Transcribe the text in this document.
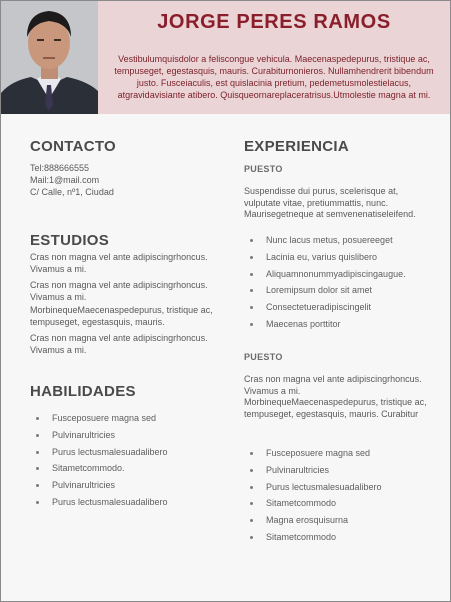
JORGE PERES RAMOS

Vestibulumquisdolor a feliscongue vehicula. Maecenaspedepurus, tristique ac, tempuseget, egestasquis, mauris. Curabiturnonieros. Nullamhendrerit bibendum justo. Fusceiaculis, est quislacinia pretium, pedemetusmolestielacus, atgravidavisiante atibero. Quisqueornareplaceratrisus.Utmolestie magna at mi.

CONTACTO
Tel:888666555
Mail:1@mail.com
C/ Calle, nº1, Ciudad
ESTUDIOS

Cras non magna vel ante adipiscingrhoncus. Vivamus a mi.

Cras non magna vel ante adipiscingrhoncus. Vivamus a mi.

MorbinequeMaecenaspedepurus, tristique ac, tempuseget, egestasquis, mauris.

Cras non magna vel ante adipiscingrhoncus. Vivamus a mi.

HABILIDADES
Fusceposuere magna sed
Pulvinarultricies
Purus lectusmalesuadalibero
Sitametcommodo.
Pulvinarultricies
Purus lectusmalesuadalibero
EXPERIENCIA
PUESTO

Suspendisse dui purus, scelerisque at, vulputate vitae, pretiummattis, nunc. Maurisegetneque at semvenenatiseleifend.

Nunc lacus metus, posuereeget
Lacinia eu, varius quislibero
Aliquamnonummyadipiscingaugue.
Loremipsum dolor sit amet
Consectetueradipiscingelit
Maecenas porttitor
PUESTO

Cras non magna vel ante adipiscingrhoncus. Vivamus a mi. MorbinequeMaecenaspedepurus, tristique ac, tempuseget, egestasquis, mauris. Curabitur

Fusceposuere magna sed
Pulvinarultricies
Purus lectusmalesuadalibero
Sitametcommodo
Magna erosquisurna
Sitametcommodo
